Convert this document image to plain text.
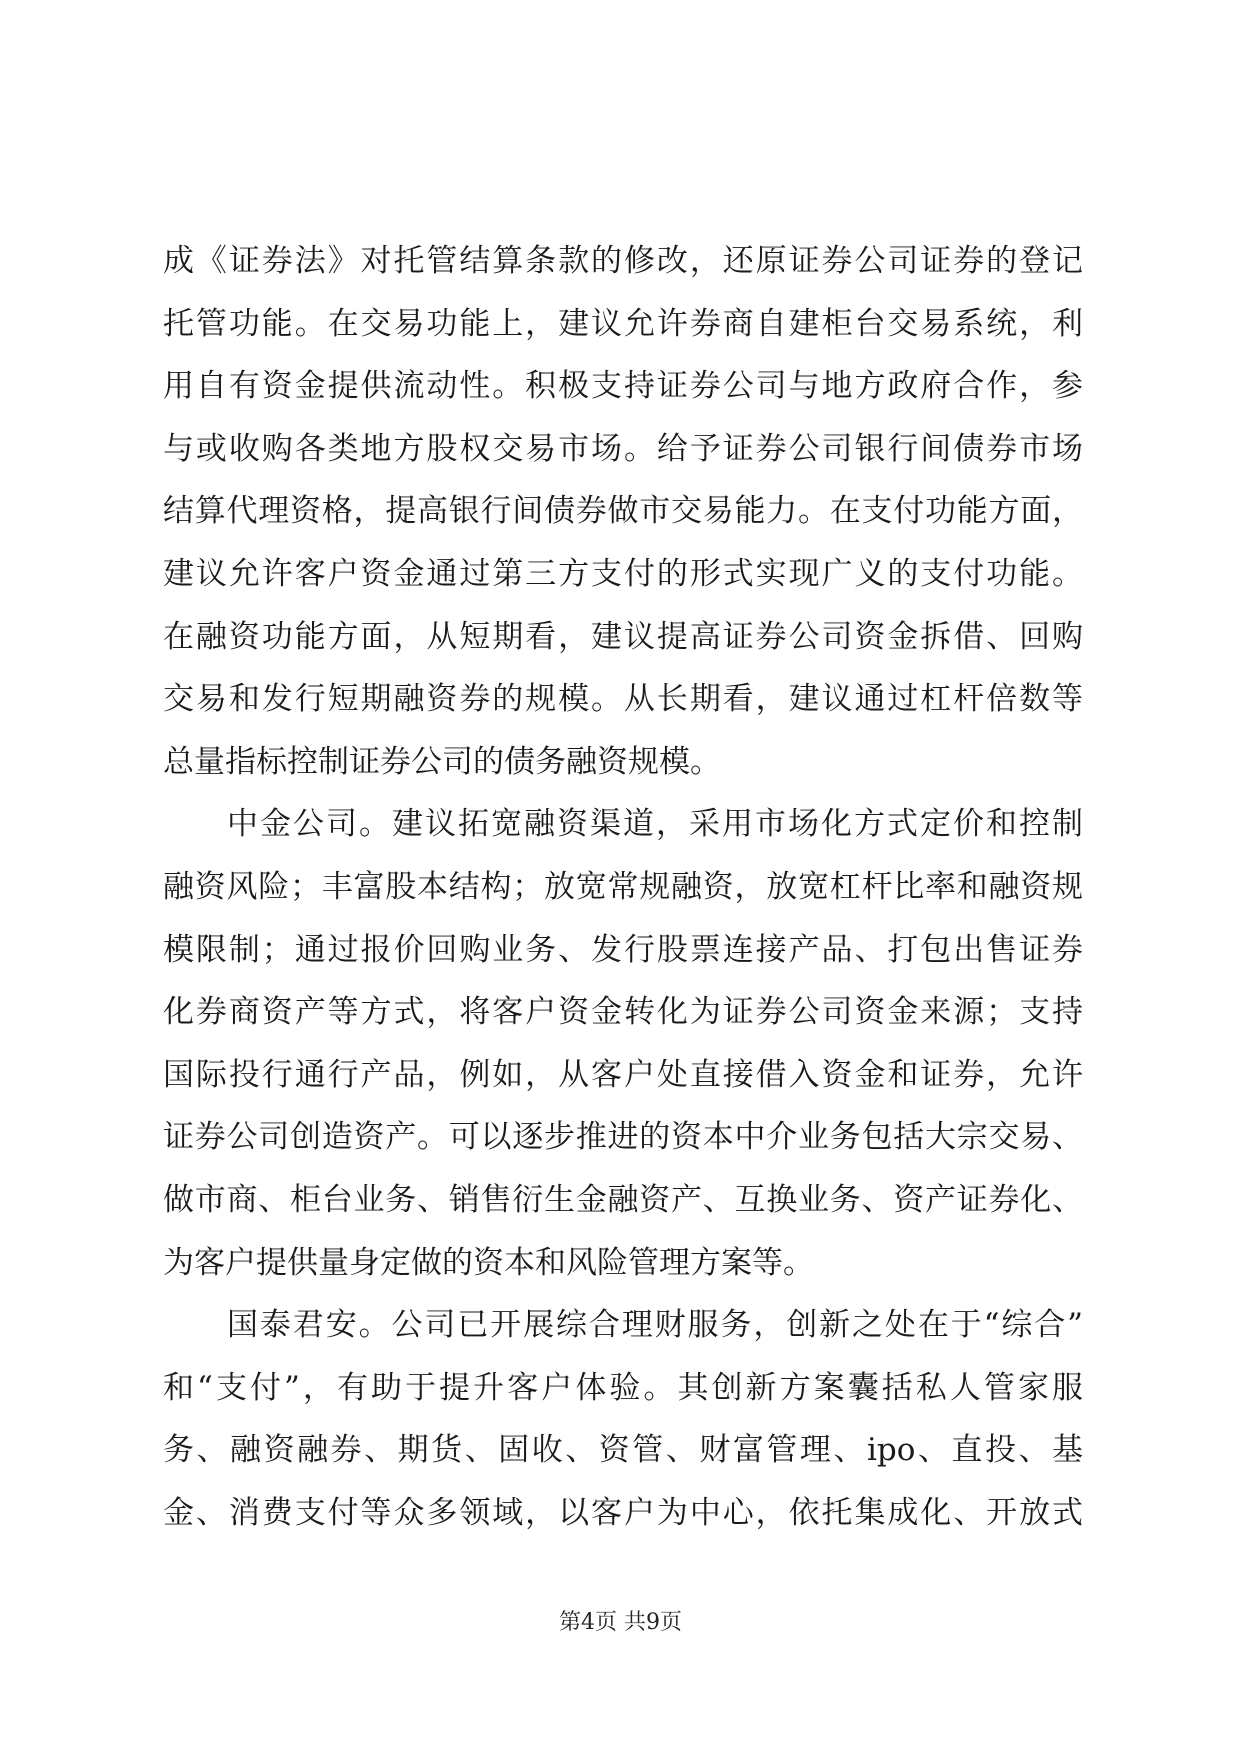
成《证券法》对托管结算条款的修改，还原证券公司证券的登记
托管功能。在交易功能上，建议允许券商自建柜台交易系统，利
用自有资金提供流动性。积极支持证券公司与地方政府合作，参
与或收购各类地方股权交易市场。给予证券公司银行间债券市场
结算代理资格，提高银行间债券做市交易能力。在支付功能方面，
建议允许客户资金通过第三方支付的形式实现广义的支付功能。
在融资功能方面，从短期看，建议提高证券公司资金拆借、回购
交易和发行短期融资券的规模。从长期看，建议通过杠杆倍数等
总量指标控制证券公司的债务融资规模。
中金公司。建议拓宽融资渠道，采用市场化方式定价和控制
融资风险；丰富股本结构；放宽常规融资，放宽杠杆比率和融资规
模限制；通过报价回购业务、发行股票连接产品、打包出售证券
化券商资产等方式，将客户资金转化为证券公司资金来源；支持
国际投行通行产品，例如，从客户处直接借入资金和证券，允许
证券公司创造资产。可以逐步推进的资本中介业务包括大宗交易、
做市商、柜台业务、销售衍生金融资产、互换业务、资产证券化、
为客户提供量身定做的资本和风险管理方案等。
国泰君安。公司已开展综合理财服务，创新之处在于“综合”
和“支付”，有助于提升客户体验。其创新方案囊括私人管家服
务、融资融券、期货、固收、资管、财富管理、ipo、直投、基
金、消费支付等众多领域，以客户为中心，依托集成化、开放式
第4页 共9页
